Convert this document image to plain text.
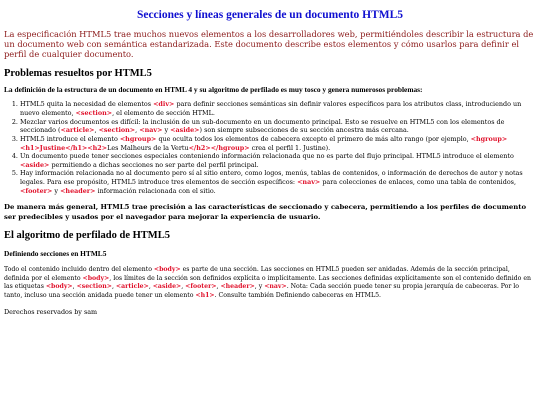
Secciones y líneas generales de un documento HTML5

La especificación HTML5 trae muchos nuevos elementos a los desarrolladores web, permitiéndoles describir la estructura de un documento web con semántica estandarizada. Este documento describe estos elementos y cómo usarlos para definir el perfil de cualquier documento.

Problemas resueltos por HTML5
La definición de la estructura de un documento en HTML 4 y su algoritmo de perfilado es muy tosco y genera numerosos problemas:
1. HTML5 quita la necesidad de elementos <div> para definir secciones semánticas sin definir valores específicos para los atributos class, introduciendo un nuevo elemento, <section>, el elemento de sección HTML.
2. Mezclar varios documentos es difícil: la inclusión de un sub-documento en un documento principal. Esto se resuelve en HTML5 con los elementos de seccionado (<article>, <section>, <nav> y <aside>) son siempre subsecciones de su sección ancestra más cercana.
3. HTML5 introduce el elemento <hgroup> que oculta todos los elementos de cabecera excepto el primero de más alto rango (por ejemplo, <hgroup><h1>Justine</h1><h2>Les Malheurs de la Vertu</h2></hgroup> crea el perfil 1. Justine).
4. Un documento puede tener secciones especiales conteniendo información relacionada que no es parte del flujo principal. HTML5 introduce el elemento <aside> permitiendo a dichas secciones no ser parte del perfil principal.
5. Hay información relacionada no al documento pero sí al sitio entero, como logos, menús, tablas de contenidos, o información de derechos de autor y notas legales. Para ese propósito, HTML5 introduce tres elementos de sección específicos: <nav> para colecciones de enlaces, como una tabla de contenidos, <footer> y <header> información relacionada con el sitio.

De manera más general, HTML5 trae precisión a las características de seccionado y cabecera, permitiendo a los perfiles de documento ser predecibles y usados por el navegador para mejorar la experiencia de usuario.

El algoritmo de perfilado de HTML5
Definiendo secciones en HTML5

Todo el contenido incluido dentro del elemento <body> es parte de una sección. Las secciones en HTML5 pueden ser anidadas. Además de la sección principal, definida por el elemento <body>, los límites de la sección son definidos explícita o implícitamente. Las secciones definidas explícitamente son el contenido definido en las etiquetas <body>, <section>, <article>, <aside>, <footer>, <header>, y <nav>. Nota: Cada sección puede tener su propia jerarquía de cabeceras. Por lo tanto, incluso una sección anidada puede tener un elemento <h1>. Consulte también Definiendo cabeceras en HTML5.

Derechos reservados by sam
